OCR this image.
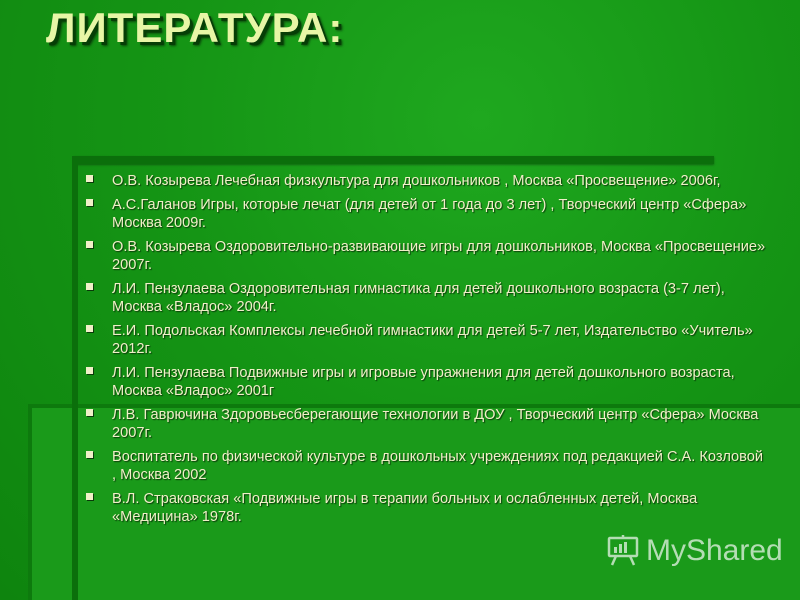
ЛИТЕРАТУРА:
О.В. Козырева Лечебная физкультура для дошкольников , Москва «Просвещение» 2006г,
А.С.Галанов Игры, которые лечат (для детей от 1 года до 3 лет) , Творческий центр «Сфера» Москва 2009г.
О.В. Козырева Оздоровительно-развивающие игры для дошкольников, Москва «Просвещение» 2007г.
Л.И. Пензулаева Оздоровительная гимнастика для детей дошкольного возраста (3-7 лет), Москва «Владос» 2004г.
Е.И. Подольская Комплексы лечебной гимнастики для детей 5-7 лет, Издательство «Учитель» 2012г.
Л.И. Пензулаева Подвижные игры и игровые упражнения для детей дошкольного возраста, Москва «Владос» 2001г
Л.В. Гаврючина Здоровьесберегающие технологии в ДОУ , Творческий центр «Сфера» Москва 2007г.
Воспитатель по физической культуре в дошкольных учреждениях под редакцией С.А. Козловой , Москва 2002
В.Л. Страковская «Подвижные игры в терапии больных и ослабленных детей, Москва «Медицина» 1978г.
MyShared
